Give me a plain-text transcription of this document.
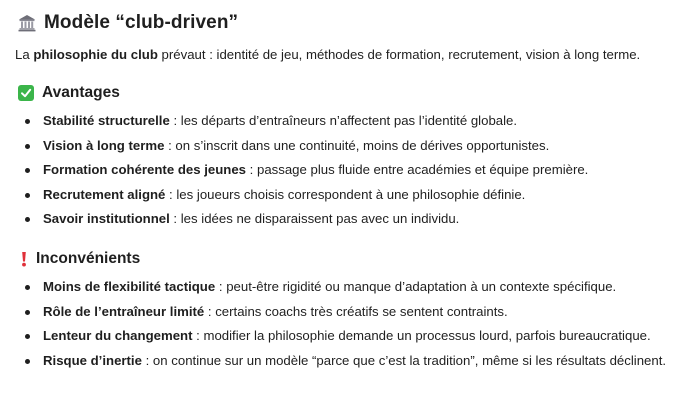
Modèle “club-driven”
La philosophie du club prévaut : identité de jeu, méthodes de formation, recrutement, vision à long terme.
Avantages
Stabilité structurelle : les départs d’entraîneurs n’affectent pas l’identité globale.
Vision à long terme : on s’inscrit dans une continuité, moins de dérives opportunistes.
Formation cohérente des jeunes : passage plus fluide entre académies et équipe première.
Recrutement aligné : les joueurs choisis correspondent à une philosophie définie.
Savoir institutionnel : les idées ne disparaissent pas avec un individu.
Inconvénients
Moins de flexibilité tactique : peut-être rigidité ou manque d’adaptation à un contexte spécifique.
Rôle de l’entraîneur limité : certains coachs très créatifs se sentent contraints.
Lenteur du changement : modifier la philosophie demande un processus lourd, parfois bureaucratique.
Risque d’inertie : on continue sur un modèle “parce que c’est la tradition”, même si les résultats déclinent.
